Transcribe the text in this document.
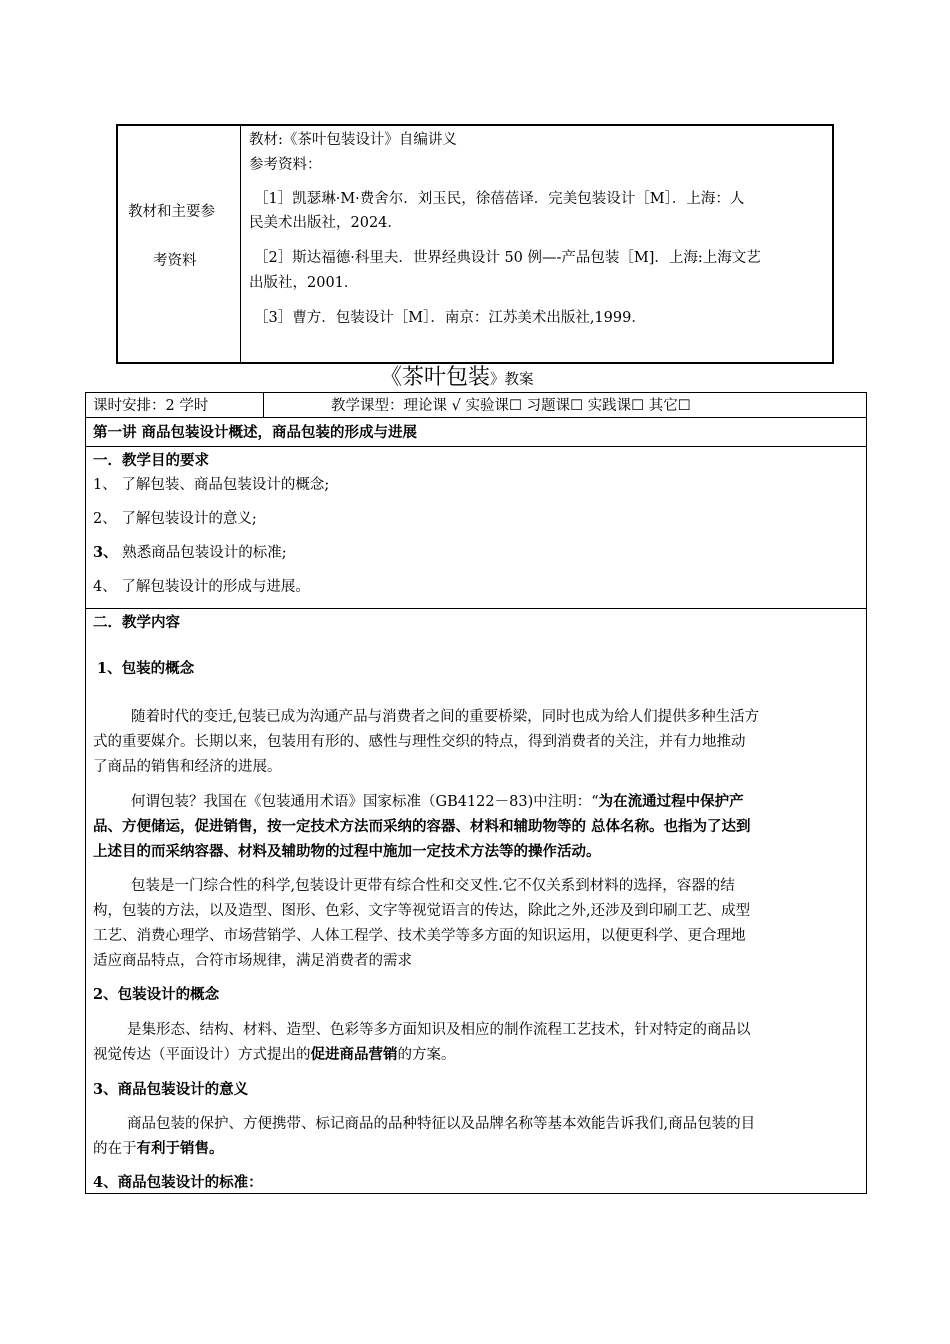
教材和主要参
考资料
教材:《茶叶包装设计》自编讲义
参考资料：
［1］凯瑟琳·M·费舍尔．刘玉民，徐蓓蓓译．完美包装设计［M］．上海：人
民美术出版社，2024．
［2］斯达福德·科里夫．世界经典设计 50 例—-产品包装［M]．上海:上海文艺
出版社，2001．
［3］曹方．包装设计［M］．南京：江苏美术出版社,1999．
《茶叶包装》教案
课时安排：2 学时	教学课型：理论课 √ 实验课☐ 习题课☐ 实践课☐ 其它☐
第一讲 商品包装设计概述，商品包装的形成与进展
一．教学目的要求
1、 了解包装、商品包装设计的概念;
2、 了解包装设计的意义;
3、 熟悉商品包装设计的标准;
4、 了解包装设计的形成与进展。
二．教学内容
1、包装的概念
随着时代的变迁,包装已成为沟通产品与消费者之间的重要桥梁，同时也成为给人们提供多种生活方
式的重要媒介。长期以来，包装用有形的、感性与理性交织的特点，得到消费者的关注，并有力地推动
了商品的销售和经济的进展。
何谓包装？我国在《包装通用术语》国家标准（GB4122－83)中注明：“为在流通过程中保护产
品、方便储运，促进销售，按一定技术方法而采纳的容器、材料和辅助物等的 总体名称。也指为了达到
上述目的而采纳容器、材料及辅助物的过程中施加一定技术方法等的操作活动。
包装是一门综合性的科学,包装设计更带有综合性和交叉性.它不仅关系到材料的选择，容器的结
构，包装的方法，以及造型、图形、色彩、文字等视觉语言的传达，除此之外,还涉及到印刷工艺、成型
工艺、消费心理学、市场营销学、人体工程学、技术美学等多方面的知识运用，以便更科学、更合理地
适应商品特点，合符市场规律，满足消费者的需求
2、包装设计的概念
是集形态、结构、材料、造型、色彩等多方面知识及相应的制作流程工艺技术，针对特定的商品以
视觉传达（平面设计）方式提出的促进商品营销的方案。
3、商品包装设计的意义
商品包装的保护、方便携带、标记商品的品种特征以及品牌名称等基本效能告诉我们,商品包装的目
的在于有利于销售。
4、商品包装设计的标准：
